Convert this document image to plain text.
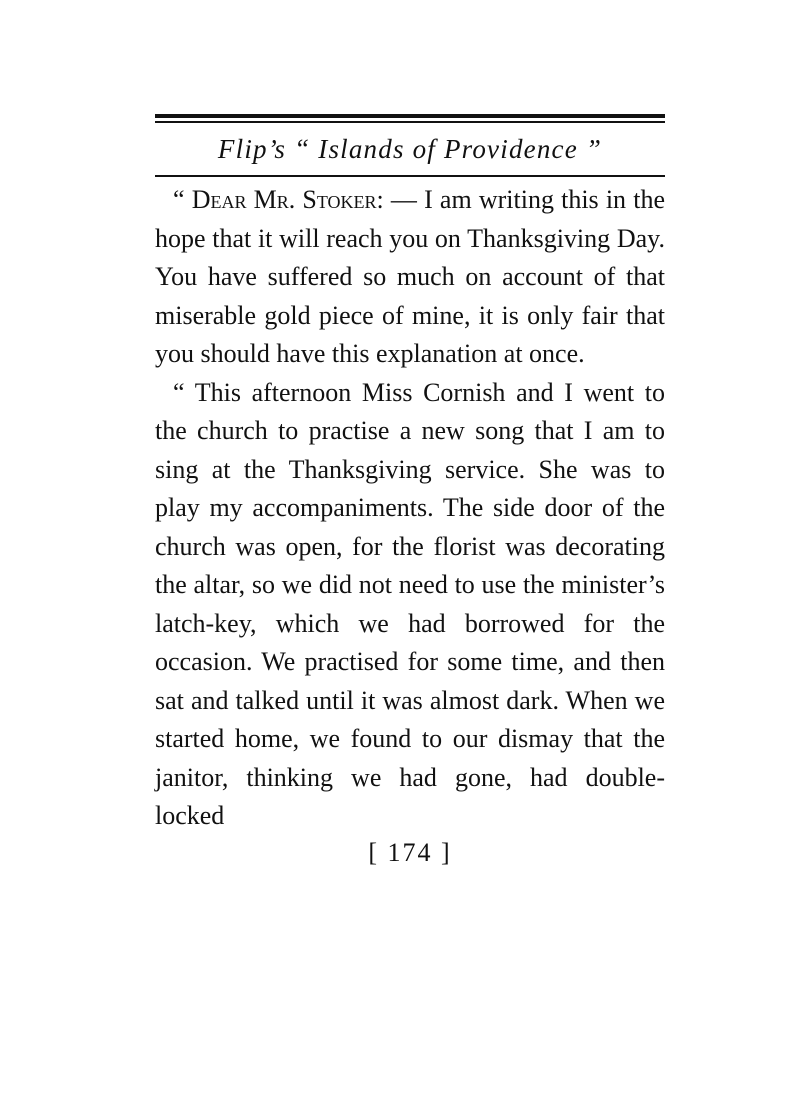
Flip’s “ Islands of Providence ”

“ Dear Mr. Stoker: — I am writing this in the hope that it will reach you on Thanksgiving Day. You have suffered so much on account of that miserable gold piece of mine, it is only fair that you should have this explanation at once.

“ This afternoon Miss Cornish and I went to the church to practise a new song that I am to sing at the Thanksgiving service. She was to play my accompaniments. The side door of the church was open, for the florist was decorating the altar, so we did not need to use the minister’s latch-key, which we had borrowed for the occasion. We practised for some time, and then sat and talked until it was almost dark. When we started home, we found to our dismay that the janitor, thinking we had gone, had double-locked

[ 174 ]
